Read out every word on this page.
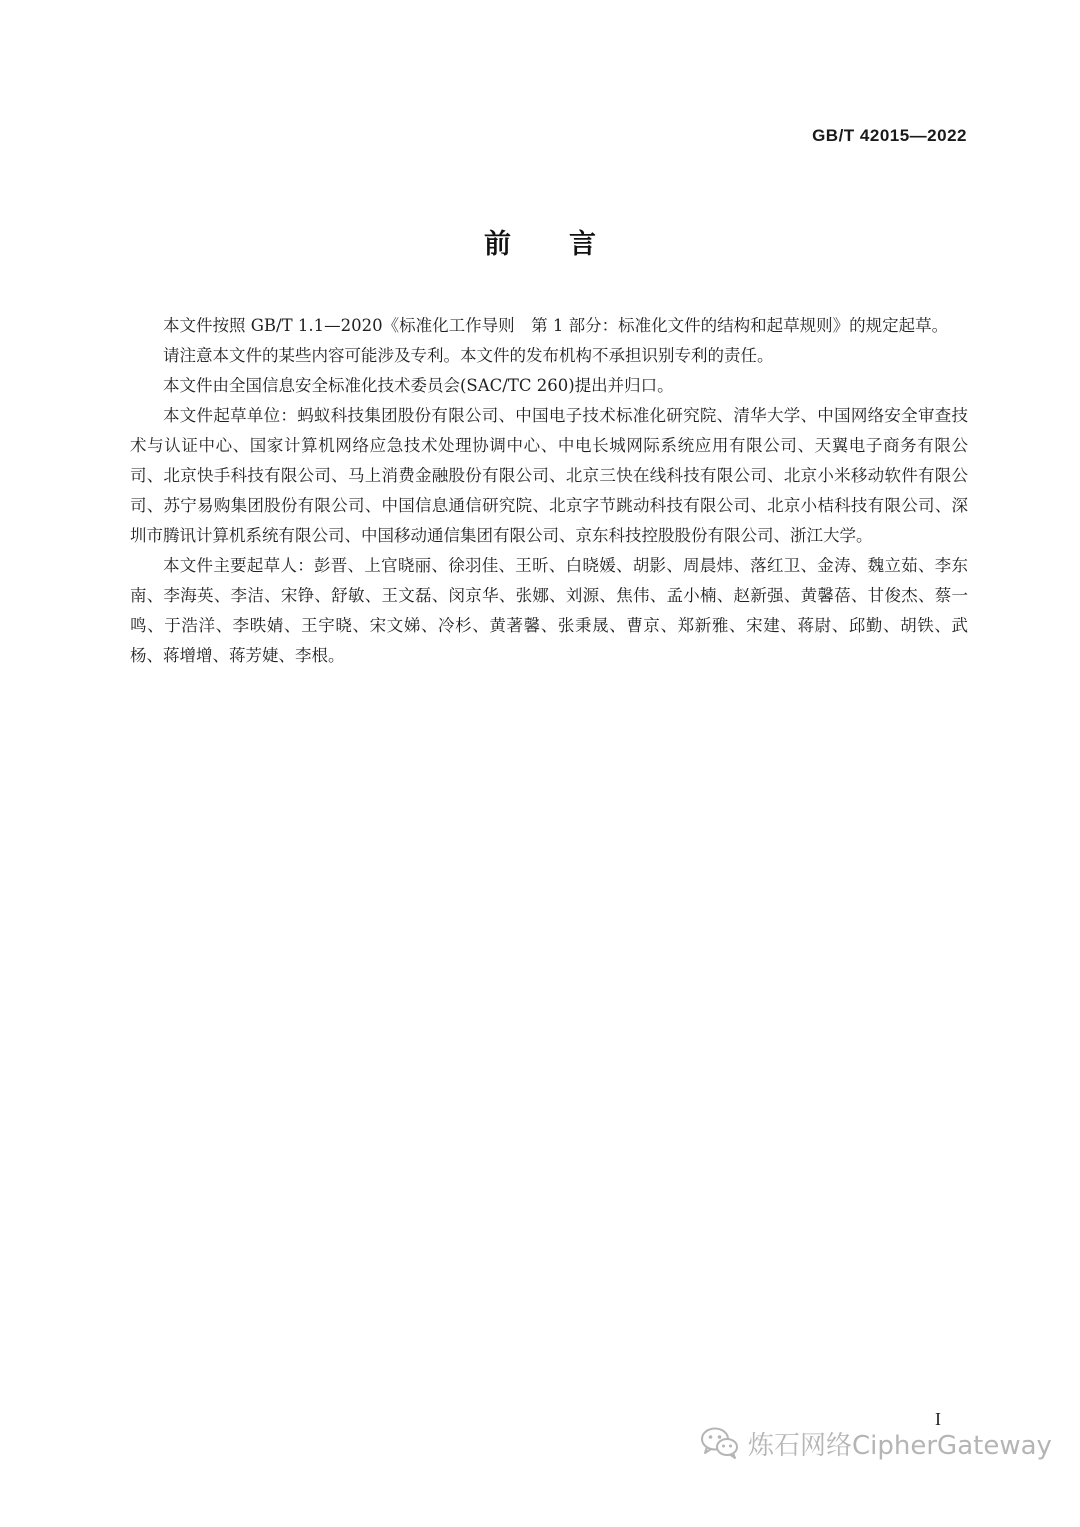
GB/T 42015—2022
前言

本文件按照 GB/T 1.1—2020《标准化工作导则　第 1 部分：标准化文件的结构和起草规则》的规定起草。

请注意本文件的某些内容可能涉及专利。本文件的发布机构不承担识别专利的责任。

本文件由全国信息安全标准化技术委员会(SAC/TC 260)提出并归口。

本文件起草单位：蚂蚁科技集团股份有限公司、中国电子技术标准化研究院、清华大学、中国网络安全审查技术与认证中心、国家计算机网络应急技术处理协调中心、中电长城网际系统应用有限公司、天翼电子商务有限公司、北京快手科技有限公司、马上消费金融股份有限公司、北京三快在线科技有限公司、北京小米移动软件有限公司、苏宁易购集团股份有限公司、中国信息通信研究院、北京字节跳动科技有限公司、北京小桔科技有限公司、深圳市腾讯计算机系统有限公司、中国移动通信集团有限公司、京东科技控股股份有限公司、浙江大学。

本文件主要起草人：彭晋、上官晓丽、徐羽佳、王昕、白晓媛、胡影、周晨炜、落红卫、金涛、魏立茹、李东南、李海英、李洁、宋铮、舒敏、王文磊、闵京华、张娜、刘源、焦伟、孟小楠、赵新强、黄馨蓓、甘俊杰、蔡一鸣、于浩洋、李昳婧、王宇晓、宋文娣、冷杉、黄著馨、张秉晟、曹京、郑新雅、宋建、蒋尉、邱勤、胡铁、武杨、蒋增增、蒋芳婕、李根。

I
炼石网络CipherGateway
